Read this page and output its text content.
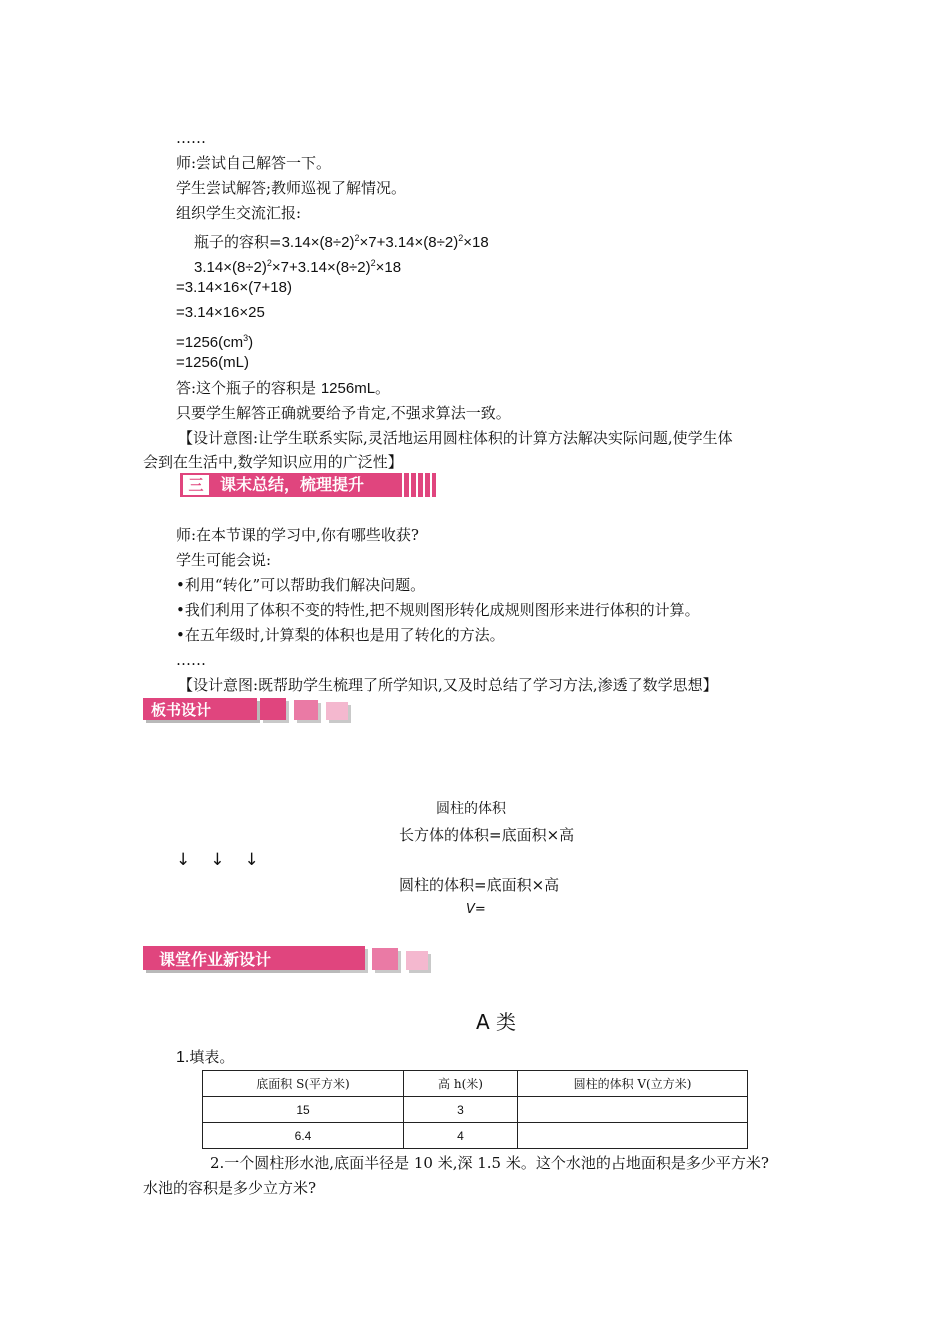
……
师:尝试自己解答一下。
学生尝试解答;教师巡视了解情况。
组织学生交流汇报:
瓶子的容积$=3.14\times(8\div 2)^2\times 7+3.14\times(8\div 2)^2\times 18$
$3.14\times(8\div 2)^2\times 7+3.14\times(8\div 2)^2\times 18$
=3.14×16×(7+18)
=3.14×16×25
$=1256(cm^3)$
=1256(mL)
答:这个瓶子的容积是 1256mL。
只要学生解答正确就要给予肯定,不强求算法一致。
【设计意图:让学生联系实际,灵活地运用圆柱体积的计算方法解决实际问题,使学生体
会到在生活中,数学知识应用的广泛性】
三	课末总结，梳理提升
师:在本节课的学习中,你有哪些收获?
学生可能会说:
•利用“转化”可以帮助我们解决问题。
•我们利用了体积不变的特性,把不规则图形转化成规则图形来进行体积的计算。
•在五年级时,计算梨的体积也是用了转化的方法。
……
【设计意图:既帮助学生梳理了所学知识,又及时总结了学习方法,渗透了数学思想】
板书设计
圆柱的体积
长方体的体积=底面积×高
↓ ↓ ↓
圆柱的体积=底面积×高
V=
课堂作业新设计
A 类
1.填表。
底面积 S(平方米)	高 h(米)	圆柱的体积 V(立方米)
15	3	
6.4	4	
2.一个圆柱形水池,底面半径是 10 米,深 1.5 米。这个水池的占地面积是多少平方米?
水池的容积是多少立方米?
